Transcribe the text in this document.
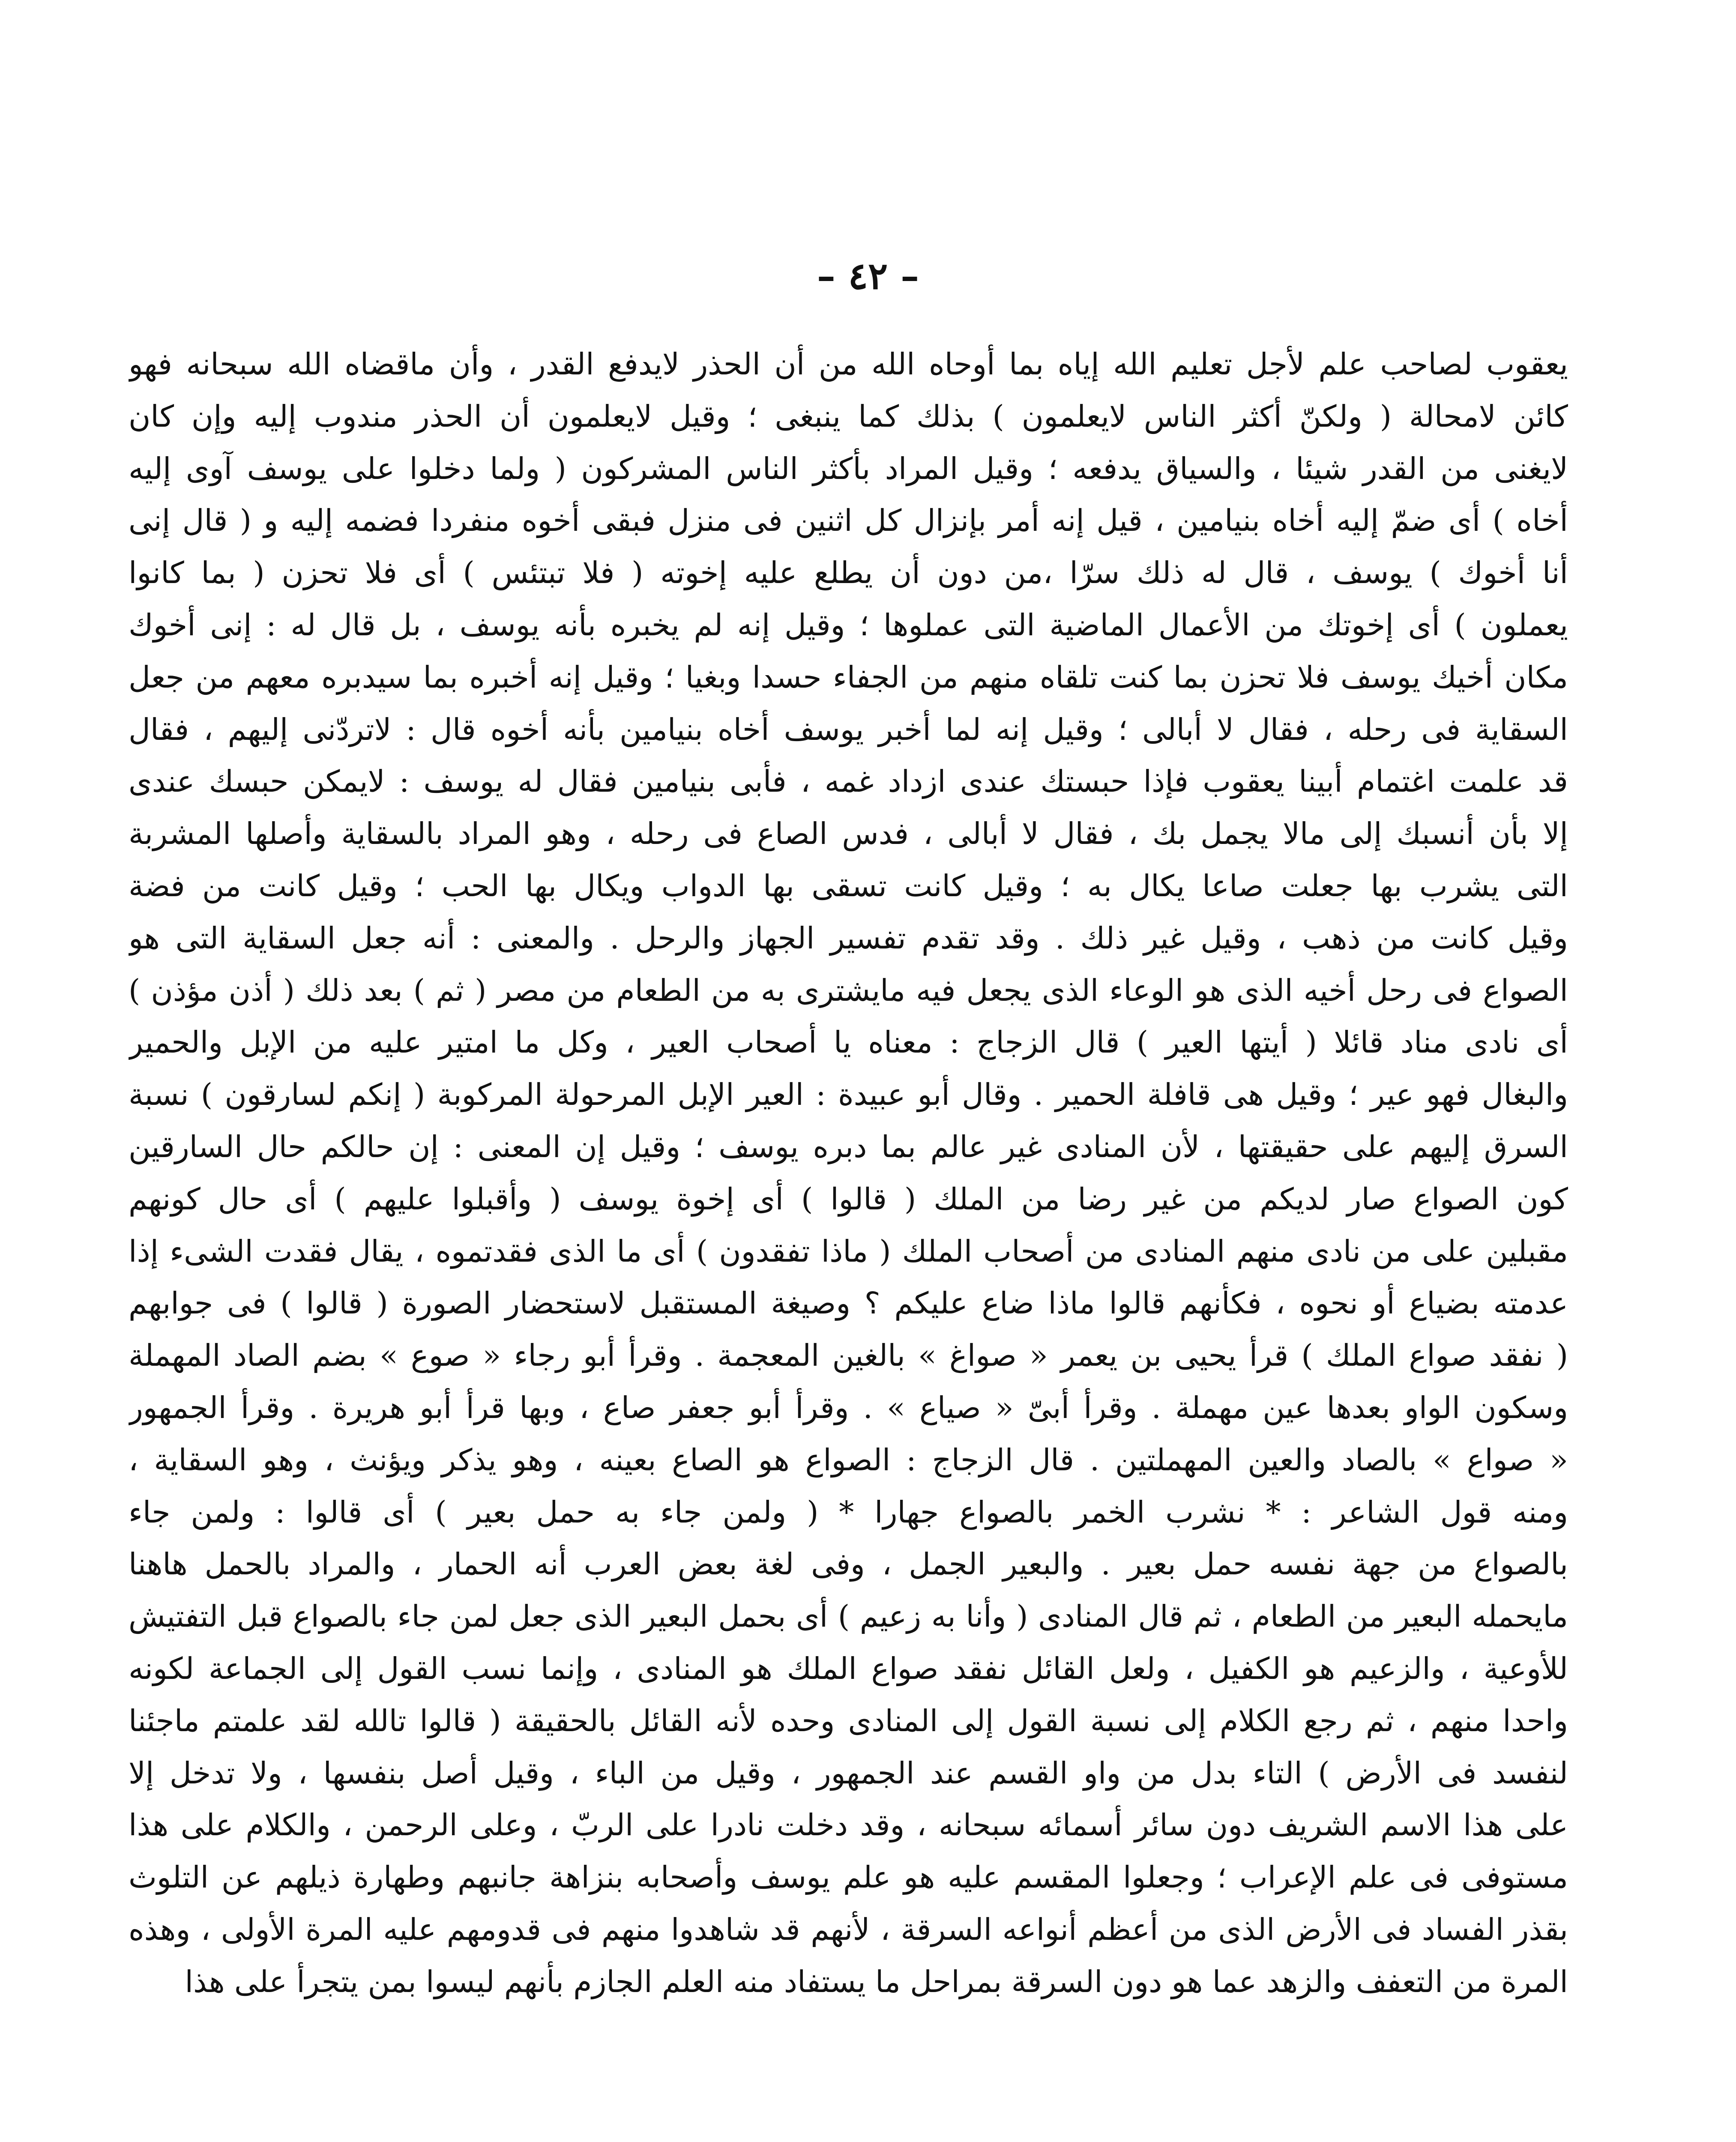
– ٤٢ –
يعقوب لصاحب علم لأجل تعليم الله إياه بما أوحاه الله من أن الحذر لايدفع القدر ، وأن ماقضاه الله سبحانه فهو
كائن لامحالة ( ولكنّ أكثر الناس لايعلمون ) بذلك كما ينبغى ؛ وقيل لايعلمون أن الحذر مندوب إليه وإن كان
لايغنى من القدر شيئا ، والسياق يدفعه ؛ وقيل المراد بأكثر الناس المشركون ( ولما دخلوا على يوسف آوى إليه
أخاه ) أى ضمّ إليه أخاه بنيامين ، قيل إنه أمر بإنزال كل اثنين فى منزل فبقى أخوه منفردا فضمه إليه و ( قال إنى
أنا أخوك ) يوسف ، قال له ذلك سرّا ،من دون أن يطلع عليه إخوته ( فلا تبتئس ) أى فلا تحزن ( بما كانوا
يعملون ) أى إخوتك من الأعمال الماضية التى عملوها ؛ وقيل إنه لم يخبره بأنه يوسف ، بل قال له : إنى أخوك
مكان أخيك يوسف فلا تحزن بما كنت تلقاه منهم من الجفاء حسدا وبغيا ؛ وقيل إنه أخبره بما سيدبره معهم من جعل
السقاية فى رحله ، فقال لا أبالى ؛ وقيل إنه لما أخبر يوسف أخاه بنيامين بأنه أخوه قال : لاتردّنى إليهم ، فقال
قد علمت اغتمام أبينا يعقوب فإذا حبستك عندى ازداد غمه ، فأبى بنيامين فقال له يوسف : لايمكن حبسك عندى
إلا بأن أنسبك إلى مالا يجمل بك ، فقال لا أبالى ، فدس الصاع فى رحله ، وهو المراد بالسقاية وأصلها المشربة
التى يشرب بها جعلت صاعا يكال به ؛ وقيل كانت تسقى بها الدواب ويكال بها الحب ؛ وقيل كانت من فضة
وقيل كانت من ذهب ، وقيل غير ذلك . وقد تقدم تفسير الجهاز والرحل . والمعنى : أنه جعل السقاية التى هو
الصواع فى رحل أخيه الذى هو الوعاء الذى يجعل فيه مايشترى به من الطعام من مصر ( ثم ) بعد ذلك ( أذن مؤذن )
أى نادى مناد قائلا ( أيتها العير ) قال الزجاج : معناه يا أصحاب العير ، وكل ما امتير عليه من الإبل والحمير
والبغال فهو عير ؛ وقيل هى قافلة الحمير . وقال أبو عبيدة : العير الإبل المرحولة المركوبة ( إنكم لسارقون ) نسبة
السرق إليهم على حقيقتها ، لأن المنادى غير عالم بما دبره يوسف ؛ وقيل إن المعنى : إن حالكم حال السارقين
كون الصواع صار لديكم من غير رضا من الملك ( قالوا ) أى إخوة يوسف ( وأقبلوا عليهم ) أى حال كونهم
مقبلين على من نادى منهم المنادى من أصحاب الملك ( ماذا تفقدون ) أى ما الذى فقدتموه ، يقال فقدت الشىء إذا
عدمته بضياع أو نحوه ، فكأنهم قالوا ماذا ضاع عليكم ؟ وصيغة المستقبل لاستحضار الصورة ( قالوا ) فى جوابهم
( نفقد صواع الملك ) قرأ يحيى بن يعمر « صواغ » بالغين المعجمة . وقرأ أبو رجاء « صوع » بضم الصاد المهملة
وسكون الواو بعدها عين مهملة . وقرأ أبىّ « صياع » . وقرأ أبو جعفر صاع ، وبها قرأ أبو هريرة . وقرأ الجمهور
« صواع » بالصاد والعين المهملتين . قال الزجاج : الصواع هو الصاع بعينه ، وهو يذكر ويؤنث ، وهو السقاية ،
ومنه قول الشاعر : * نشرب الخمر بالصواع جهارا * ( ولمن جاء به حمل بعير ) أى قالوا : ولمن جاء
بالصواع من جهة نفسه حمل بعير . والبعير الجمل ، وفى لغة بعض العرب أنه الحمار ، والمراد بالحمل هاهنا
مايحمله البعير من الطعام ، ثم قال المنادى ( وأنا به زعيم ) أى بحمل البعير الذى جعل لمن جاء بالصواع قبل التفتيش
للأوعية ، والزعيم هو الكفيل ، ولعل القائل نفقد صواع الملك هو المنادى ، وإنما نسب القول إلى الجماعة لكونه
واحدا منهم ، ثم رجع الكلام إلى نسبة القول إلى المنادى وحده لأنه القائل بالحقيقة ( قالوا تالله لقد علمتم ماجئنا
لنفسد فى الأرض ) التاء بدل من واو القسم عند الجمهور ، وقيل من الباء ، وقيل أصل بنفسها ، ولا تدخل إلا
على هذا الاسم الشريف دون سائر أسمائه سبحانه ، وقد دخلت نادرا على الربّ ، وعلى الرحمن ، والكلام على هذا
مستوفى فى علم الإعراب ؛ وجعلوا المقسم عليه هو علم يوسف وأصحابه بنزاهة جانبهم وطهارة ذيلهم عن التلوث
بقذر الفساد فى الأرض الذى من أعظم أنواعه السرقة ، لأنهم قد شاهدوا منهم فى قدومهم عليه المرة الأولى ، وهذه
المرة من التعفف والزهد عما هو دون السرقة بمراحل ما يستفاد منه العلم الجازم بأنهم ليسوا بمن يتجرأ على هذا
